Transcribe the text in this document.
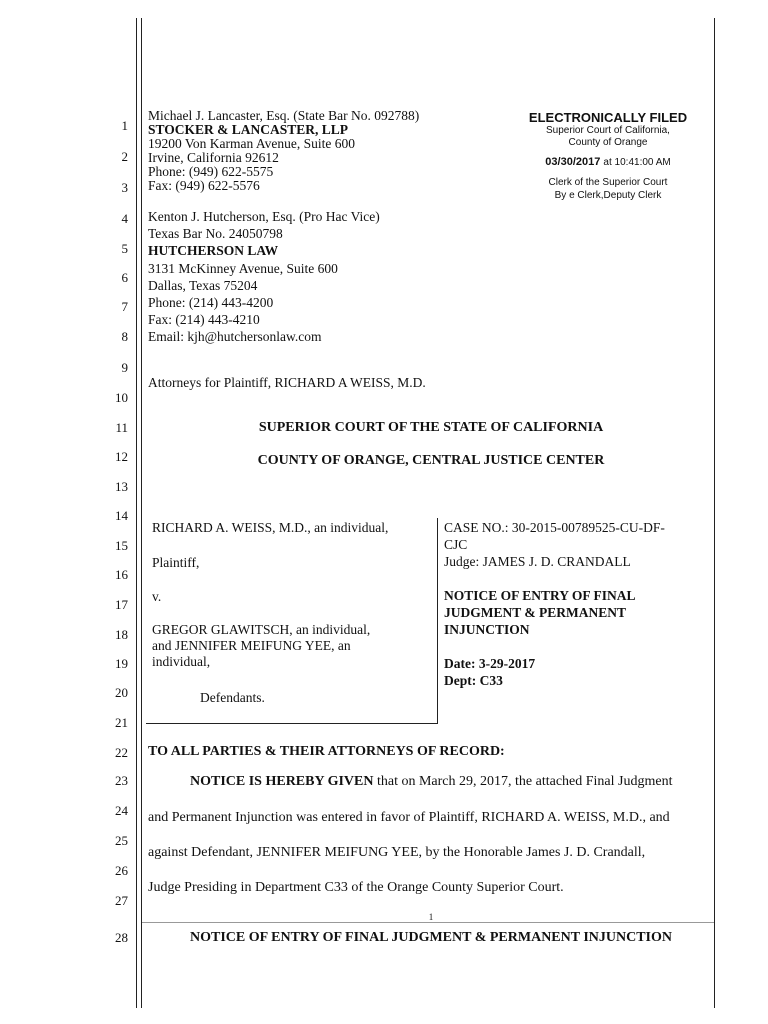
1
2
3
4
5
6
7
8
9
10
11
12
13
14
15
16
17
18
19
20
21
22
23
24
25
26
27
28
Michael J. Lancaster, Esq. (State Bar No. 092788)
STOCKER & LANCASTER, LLP
19200 Von Karman Avenue, Suite 600
Irvine, California 92612
Phone: (949) 622-5575
Fax: (949) 622-5576
Kenton J. Hutcherson, Esq. (Pro Hac Vice)
Texas Bar No. 24050798
HUTCHERSON LAW
3131 McKinney Avenue, Suite 600
Dallas, Texas 75204
Phone: (214) 443-4200
Fax: (214) 443-4210
Email: kjh@hutchersonlaw.com
Attorneys for Plaintiff, RICHARD A WEISS, M.D.
ELECTRONICALLY FILED
Superior Court of California,
County of Orange
03/30/2017 at 10:41:00 AM
Clerk of the Superior Court
By e Clerk,Deputy Clerk
SUPERIOR COURT OF THE STATE OF CALIFORNIA
COUNTY OF ORANGE, CENTRAL JUSTICE CENTER
RICHARD A. WEISS, M.D., an individual,
Plaintiff,
v.
GREGOR GLAWITSCH, an individual,
and JENNIFER MEIFUNG YEE, an
individual,
Defendants.
CASE NO.: 30-2015-00789525-CU-DF-
CJC
Judge: JAMES J. D. CRANDALL
NOTICE OF ENTRY OF FINAL
JUDGMENT & PERMANENT
INJUNCTION
Date: 3-29-2017
Dept: C33
TO ALL PARTIES & THEIR ATTORNEYS OF RECORD:
NOTICE IS HEREBY GIVEN that on March 29, 2017, the attached Final Judgment
and Permanent Injunction was entered in favor of Plaintiff, RICHARD A. WEISS, M.D., and
against Defendant, JENNIFER MEIFUNG YEE, by the Honorable James J. D. Crandall,
Judge Presiding in Department C33 of the Orange County Superior Court.
1
NOTICE OF ENTRY OF FINAL JUDGMENT & PERMANENT INJUNCTION
